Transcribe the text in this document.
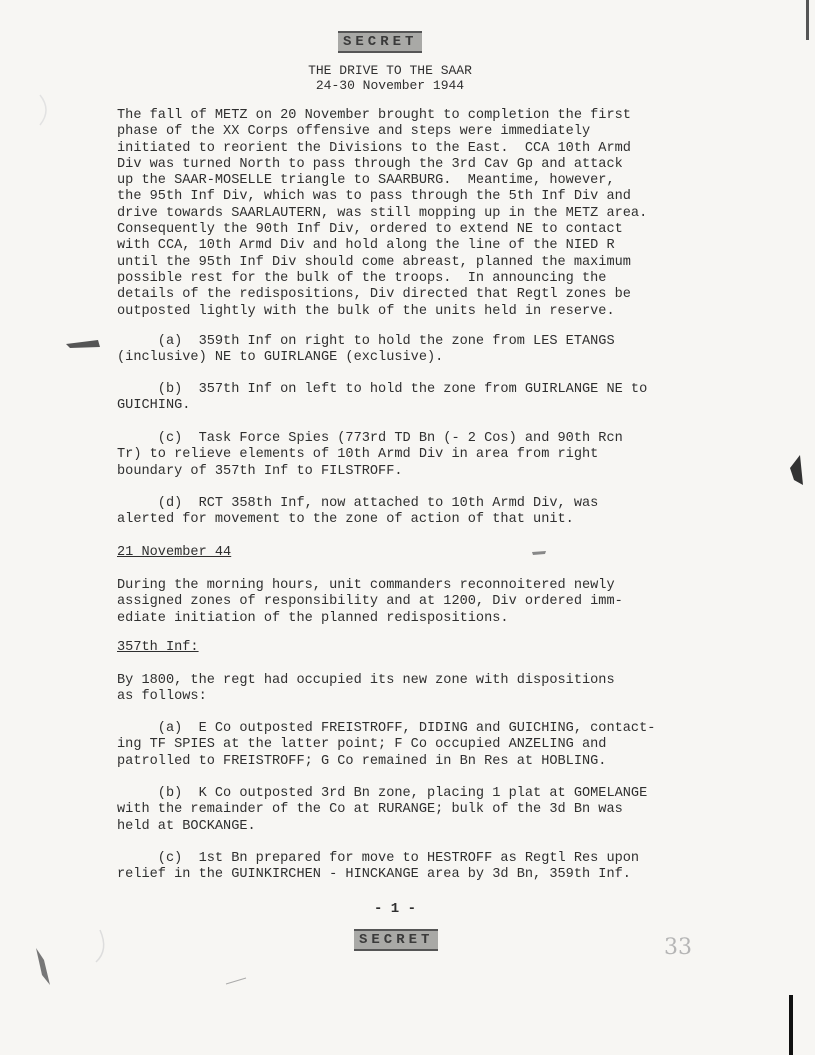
SECRET
THE DRIVE TO THE SAAR
24-30 November 1944
The fall of METZ on 20 November brought to completion the first
phase of the XX Corps offensive and steps were immediately
initiated to reorient the Divisions to the East.  CCA 10th Armd
Div was turned North to pass through the 3rd Cav Gp and attack
up the SAAR-MOSELLE triangle to SAARBURG.  Meantime, however,
the 95th Inf Div, which was to pass through the 5th Inf Div and
drive towards SAARLAUTERN, was still mopping up in the METZ area.
Consequently the 90th Inf Div, ordered to extend NE to contact
with CCA, 10th Armd Div and hold along the line of the NIED R
until the 95th Inf Div should come abreast, planned the maximum
possible rest for the bulk of the troops.  In announcing the
details of the redispositions, Div directed that Regtl zones be
outposted lightly with the bulk of the units held in reserve.
(a)  359th Inf on right to hold the zone from LES ETANGS
(inclusive) NE to GUIRLANGE (exclusive).
(b)  357th Inf on left to hold the zone from GUIRLANGE NE to
GUICHING.
(c)  Task Force Spies (773rd TD Bn (- 2 Cos) and 90th Rcn
Tr) to relieve elements of 10th Armd Div in area from right
boundary of 357th Inf to FILSTROFF.
(d)  RCT 358th Inf, now attached to 10th Armd Div, was
alerted for movement to the zone of action of that unit.
21 November 44
During the morning hours, unit commanders reconnoitered newly
assigned zones of responsibility and at 1200, Div ordered imm-
ediate initiation of the planned redispositions.
357th Inf:
By 1800, the regt had occupied its new zone with dispositions
as follows:
(a)  E Co outposted FREISTROFF, DIDING and GUICHING, contact-
ing TF SPIES at the latter point; F Co occupied ANZELING and
patrolled to FREISTROFF; G Co remained in Bn Res at HOBLING.
(b)  K Co outposted 3rd Bn zone, placing 1 plat at GOMELANGE
with the remainder of the Co at RURANGE; bulk of the 3d Bn was
held at BOCKANGE.
(c)  1st Bn prepared for move to HESTROFF as Regtl Res upon
relief in the GUINKIRCHEN - HINCKANGE area by 3d Bn, 359th Inf.
- 1 -
SECRET	33
